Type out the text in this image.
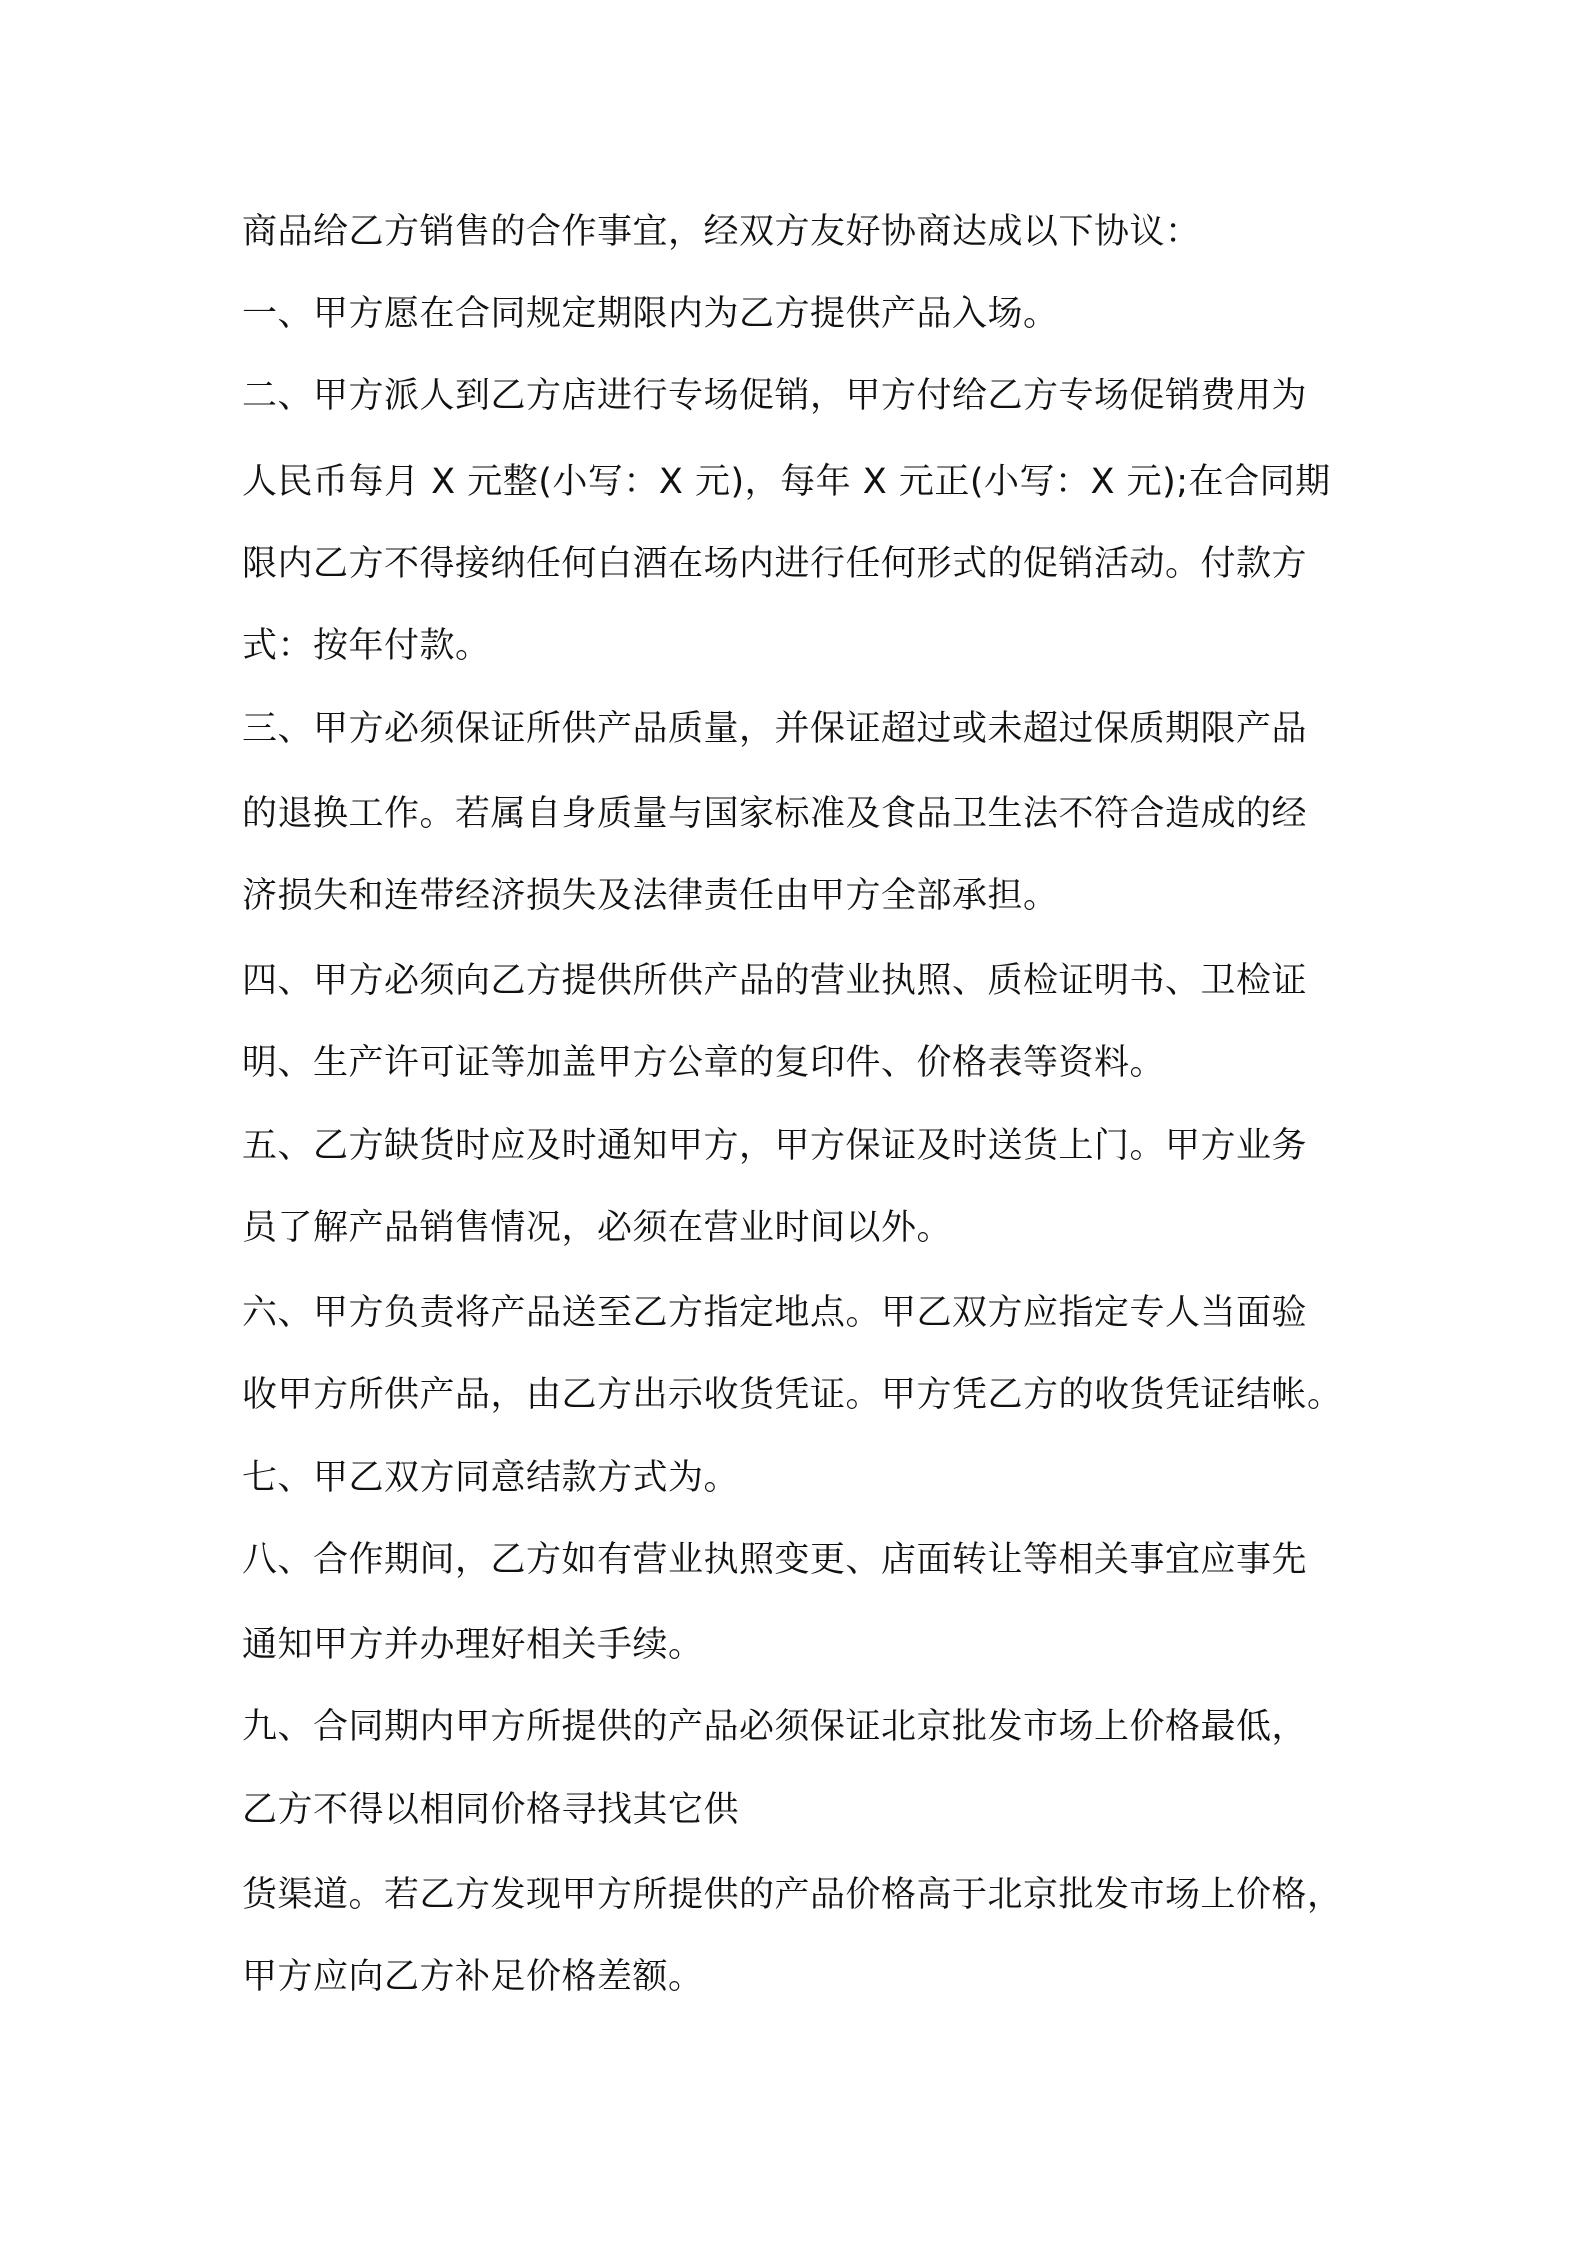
商品给乙方销售的合作事宜，经双方友好协商达成以下协议：
一、甲方愿在合同规定期限内为乙方提供产品入场。
二、甲方派人到乙方店进行专场促销，甲方付给乙方专场促销费用为
人民币每月 X 元整(小写：X 元)，每年 X 元正(小写：X 元);在合同期
限内乙方不得接纳任何白酒在场内进行任何形式的促销活动。付款方
式：按年付款。
三、甲方必须保证所供产品质量，并保证超过或未超过保质期限产品
的退换工作。若属自身质量与国家标准及食品卫生法不符合造成的经
济损失和连带经济损失及法律责任由甲方全部承担。
四、甲方必须向乙方提供所供产品的营业执照、质检证明书、卫检证
明、生产许可证等加盖甲方公章的复印件、价格表等资料。
五、乙方缺货时应及时通知甲方，甲方保证及时送货上门。甲方业务
员了解产品销售情况，必须在营业时间以外。
六、甲方负责将产品送至乙方指定地点。甲乙双方应指定专人当面验
收甲方所供产品，由乙方出示收货凭证。甲方凭乙方的收货凭证结帐。
七、甲乙双方同意结款方式为。
八、合作期间，乙方如有营业执照变更、店面转让等相关事宜应事先
通知甲方并办理好相关手续。
九、合同期内甲方所提供的产品必须保证北京批发市场上价格最低，
乙方不得以相同价格寻找其它供
货渠道。若乙方发现甲方所提供的产品价格高于北京批发市场上价格，
甲方应向乙方补足价格差额。
